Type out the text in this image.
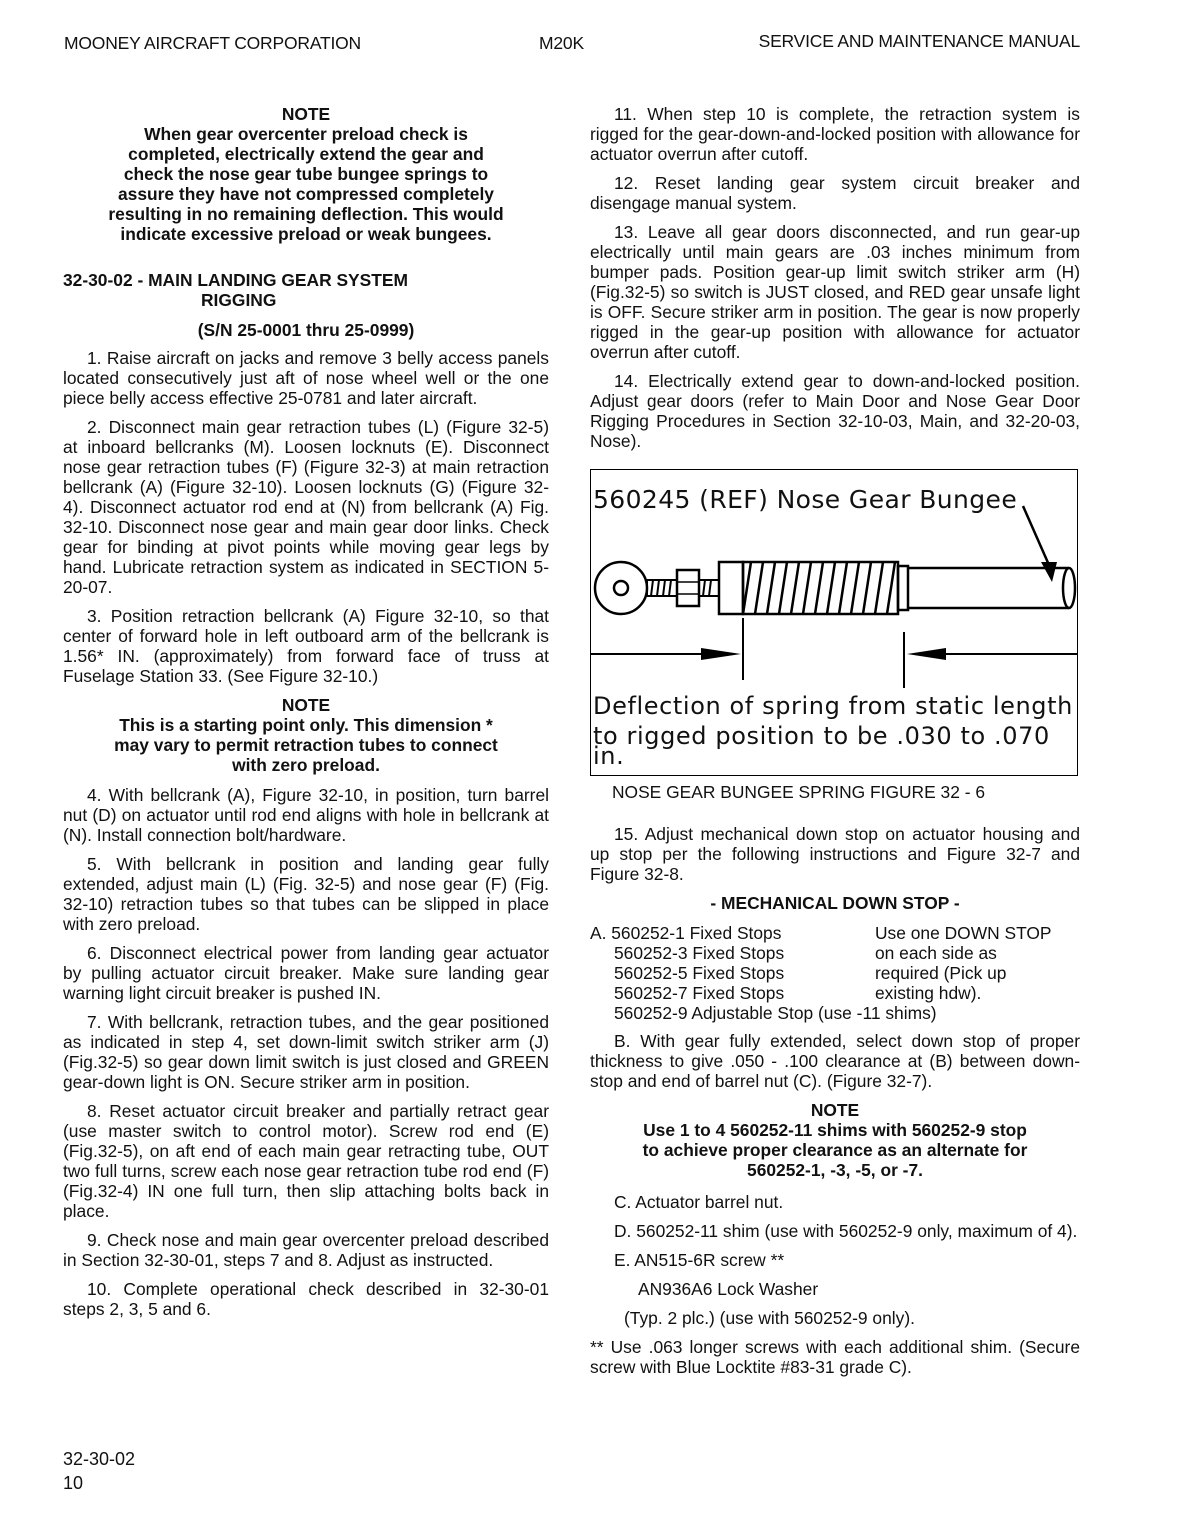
MOONEY AIRCRAFT CORPORATION	M20K	SERVICE AND MAINTENANCE MANUAL
NOTE
When gear overcenter preload check is
completed, electrically extend the gear and
check the nose gear tube bungee springs to
assure they have not compressed completely
resulting in no remaining deflection. This would
indicate excessive preload or weak bungees.
32-30-02 - MAIN LANDING GEAR SYSTEM
RIGGING

(S/N 25-0001 thru 25-0999)

1. Raise aircraft on jacks and remove 3 belly access panels located consecutively just aft of nose wheel well or the one piece belly access effective 25-0781 and later aircraft.

2. Disconnect main gear retraction tubes (L) (Figure 32-5) at inboard bellcranks (M). Loosen locknuts (E). Disconnect nose gear retraction tubes (F) (Figure 32-3) at main retraction bellcrank (A) (Figure 32-10). Loosen locknuts (G) (Figure 32-4). Disconnect actuator rod end at (N) from bellcrank (A) Fig. 32-10. Disconnect nose gear and main gear door links. Check gear for binding at pivot points while moving gear legs by hand. Lubricate retraction system as indicated in SECTION 5-20-07.

3. Position retraction bellcrank (A) Figure 32-10, so that center of forward hole in left outboard arm of the bellcrank is 1.56* IN. (approximately) from forward face of truss at Fuselage Station 33. (See Figure 32-10.)

NOTE
This is a starting point only. This dimension *
may vary to permit retraction tubes to connect
with zero preload.

4. With bellcrank (A), Figure 32-10, in position, turn barrel nut (D) on actuator until rod end aligns with hole in bellcrank at (N). Install connection bolt/hardware.

5. With bellcrank in position and landing gear fully extended, adjust main (L) (Fig. 32-5) and nose gear (F) (Fig. 32-10) retraction tubes so that tubes can be slipped in place with zero preload.

6. Disconnect electrical power from landing gear actuator by pulling actuator circuit breaker. Make sure landing gear warning light circuit breaker is pushed IN.

7. With bellcrank, retraction tubes, and the gear positioned as indicated in step 4, set down-limit switch striker arm (J) (Fig.32-5) so gear down limit switch is just closed and GREEN gear-down light is ON. Secure striker arm in position.

8. Reset actuator circuit breaker and partially retract gear (use master switch to control motor). Screw rod end (E) (Fig.32-5), on aft end of each main gear retracting tube, OUT two full turns, screw each nose gear retraction tube rod end (F) (Fig.32-4) IN one full turn, then slip attaching bolts back in place.

9. Check nose and main gear overcenter preload described in Section 32-30-01, steps 7 and 8. Adjust as instructed.

10. Complete operational check described in 32-30-01 steps 2, 3, 5 and 6.

11. When step 10 is complete, the retraction system is rigged for the gear-down-and-locked position with allowance for actuator overrun after cutoff.

12. Reset landing gear system circuit breaker and disengage manual system.

13. Leave all gear doors disconnected, and run gear-up electrically until main gears are .03 inches minimum from bumper pads. Position gear-up limit switch striker arm (H) (Fig.32-5) so switch is JUST closed, and RED gear unsafe light is OFF. Secure striker arm in position. The gear is now properly rigged in the gear-up position with allowance for actuator overrun after cutoff.

14. Electrically extend gear to down-and-locked position. Adjust gear doors (refer to Main Door and Nose Gear Door Rigging Procedures in Section 32-10-03, Main, and 32-20-03, Nose).

560245 (REF) Nose Gear Bungee
Deflection of spring from static length
to rigged position to be .030 to .070 in.

NOSE GEAR BUNGEE SPRING FIGURE 32 - 6

15. Adjust mechanical down stop on actuator housing and up stop per the following instructions and Figure 32-7 and Figure 32-8.

- MECHANICAL DOWN STOP -

A. 560252-1 Fixed Stops	Use one DOWN STOP
560252-3 Fixed Stops	on each side as
560252-5 Fixed Stops	required (Pick up
560252-7 Fixed Stops	existing hdw).
560252-9 Adjustable Stop (use -11 shims)

B. With gear fully extended, select down stop of proper thickness to give .050 - .100 clearance at (B) between down-stop and end of barrel nut (C). (Figure 32-7).

NOTE
Use 1 to 4 560252-11 shims with 560252-9 stop
to achieve proper clearance as an alternate for
560252-1, -3, -5, or -7.

C. Actuator barrel nut.

D. 560252-11 shim (use with 560252-9 only, maximum of 4).

E. AN515-6R screw **

AN936A6 Lock Washer

(Typ. 2 plc.) (use with 560252-9 only).

** Use .063 longer screws with each additional shim. (Secure screw with Blue Locktite #83-31 grade C).

32-30-02
10
